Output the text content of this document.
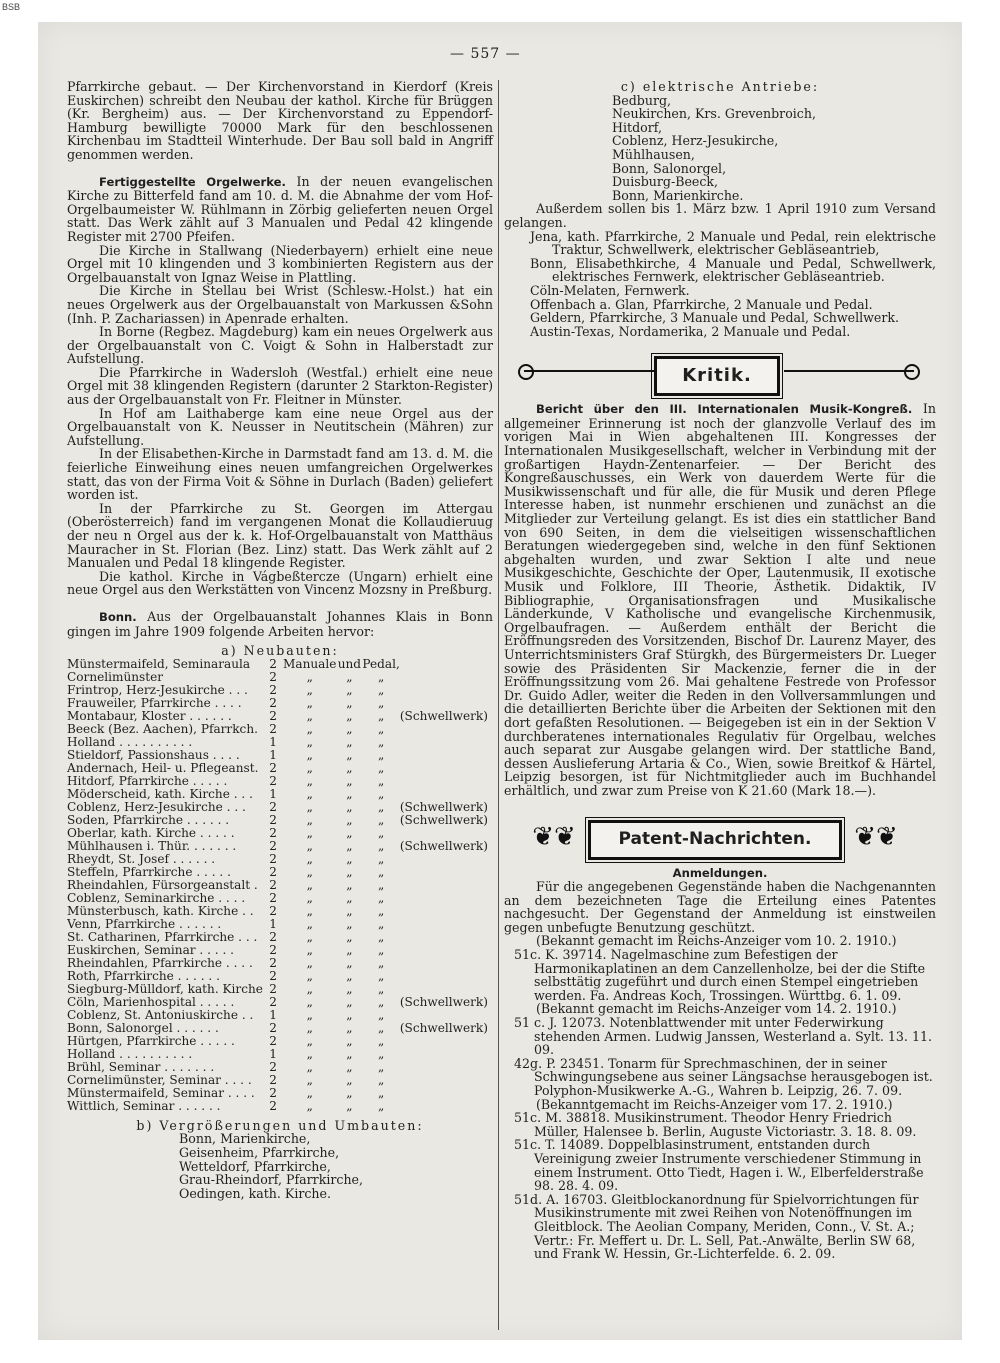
BSB
— 557 —

Pfarrkirche gebaut. — Der Kirchenvorstand in Kierdorf (Kreis Euskirchen) schreibt den Neubau der kathol. Kirche für Brüggen (Kr. Bergheim) aus. — Der Kirchenvorstand zu Eppendorf-Hamburg bewilligte 70000 Mark für den beschlossenen Kirchenbau im Stadtteil Winterhude. Der Bau soll bald in Angriff genommen werden.

Fertiggestellte Orgelwerke. In der neuen evangelischen Kirche zu Bitterfeld fand am 10. d. M. die Abnahme der vom Hof-Orgelbaumeister W. Rühlmann in Zörbig gelieferten neuen Orgel statt. Das Werk zählt auf 3 Manualen und Pedal 42 klingende Register mit 2700 Pfeifen.

Die Kirche in Stallwang (Niederbayern) erhielt eine neue Orgel mit 10 klingenden und 3 kombinierten Registern aus der Orgelbauanstalt von Ignaz Weise in Plattling.

Die Kirche in Stellau bei Wrist (Schlesw.-Holst.) hat ein neues Orgelwerk aus der Orgelbauanstalt von Markussen &Sohn (Inh. P. Zachariassen) in Apenrade erhalten.

In Borne (Regbez. Magdeburg) kam ein neues Orgelwerk aus der Orgelbauanstalt von C. Voigt & Sohn in Halberstadt zur Aufstellung.

Die Pfarrkirche in Wadersloh (Westfal.) erhielt eine neue Orgel mit 38 klingenden Registern (darunter 2 Starkton-Register) aus der Orgelbauanstalt von Fr. Fleitner in Münster.

In Hof am Laithaberge kam eine neue Orgel aus der Orgelbauanstalt von K. Neusser in Neutitschein (Mähren) zur Aufstellung.

In der Elisabethen-Kirche in Darmstadt fand am 13. d. M. die feierliche Einweihung eines neuen umfangreichen Orgelwerkes statt, das von der Firma Voit & Söhne in Durlach (Baden) geliefert worden ist.

In der Pfarrkirche zu St. Georgen im Attergau (Oberösterreich) fand im vergangenen Monat die Kollaudieruug der neu n Orgel aus der k. k. Hof-Orgelbauanstalt von Matthäus Mauracher in St. Florian (Bez. Linz) statt. Das Werk zählt auf 2 Manualen und Pedal 18 klingende Register.

Die kathol. Kirche in Vágbeßtercze (Ungarn) erhielt eine neue Orgel aus den Werkstätten von Vincenz Mozsny in Preßburg.

Bonn. Aus der Orgelbauanstalt Johannes Klais in Bonn gingen im Jahre 1909 folgende Arbeiten hervor:

a) Neubauten:

Münstermaifeld, Seminaraula	2	Manuale	und	Pedal,	
Cornelimünster	2	„	„	„	
Frintrop, Herz-Jesukirche . . .	2	„	„	„	
Frauweiler, Pfarrkirche . . . .	2	„	„	„	
Montabaur, Kloster . . . . . .	2	„	„	„	(Schwellwerk)
Beeck (Bez. Aachen), Pfarrkch.	2	„	„	„	
Holland . . . . . . . . . .	1	„	„	„	
Stieldorf, Passionshaus . . . .	1	„	„	„	
Andernach, Heil- u. Pflegeanst.	2	„	„	„	
Hitdorf, Pfarrkirche . . . . .	2	„	„	„	
Möderscheid, kath. Kirche . . .	1	„	„	„	
Coblenz, Herz-Jesukirche . . .	2	„	„	„	(Schwellwerk)
Soden, Pfarrkirche . . . . . .	2	„	„	„	(Schwellwerk)
Oberlar, kath. Kirche . . . . .	2	„	„	„	
Mühlhausen i. Thür. . . . . . .	2	„	„	„	(Schwellwerk)
Rheydt, St. Josef . . . . . .	2	„	„	„	
Steffeln, Pfarrkirche . . . . .	2	„	„	„	
Rheindahlen, Fürsorgeanstalt .	2	„	„	„	
Coblenz, Seminarkirche . . . .	2	„	„	„	
Münsterbusch, kath. Kirche . .	2	„	„	„	
Venn, Pfarrkirche . . . . . .	1	„	„	„	
St. Catharinen, Pfarrkirche . . .	2	„	„	„	
Euskirchen, Seminar . . . . .	2	„	„	„	
Rheindahlen, Pfarrkirche . . . .	2	„	„	„	
Roth, Pfarrkirche . . . . . .	2	„	„	„	
Siegburg-Mülldorf, kath. Kirche	2	„	„	„	
Cöln, Marienhospital . . . . .	2	„	„	„	(Schwellwerk)
Coblenz, St. Antoniuskirche . .	1	„	„	„	
Bonn, Salonorgel . . . . . .	2	„	„	„	(Schwellwerk)
Hürtgen, Pfarrkirche . . . . .	2	„	„	„	
Holland . . . . . . . . . .	1	„	„	„	
Brühl, Seminar . . . . . . .	2	„	„	„	
Cornelimünster, Seminar . . . .	2	„	„	„	
Münstermaifeld, Seminar . . . .	2	„	„	„	
Wittlich, Seminar . . . . . .	2	„	„	„	

b) Vergrößerungen und Umbauten:

Bonn, Marienkirche,

Geisenheim, Pfarrkirche,

Wetteldorf, Pfarrkirche,

Grau-Rheindorf, Pfarrkirche,

Oedingen, kath. Kirche.

c) elektrische Antriebe:

Bedburg,

Neukirchen, Krs. Grevenbroich,

Hitdorf,

Coblenz, Herz-Jesukirche,

Mühlhausen,

Bonn, Salonorgel,

Duisburg-Beeck,

Bonn, Marienkirche.

Außerdem sollen bis 1. März bzw. 1 April 1910 zum Versand gelangen.

Jena, kath. Pfarrkirche, 2 Manuale und Pedal, rein elektrische Traktur, Schwellwerk, elektrischer Gebläseantrieb,

Bonn, Elisabethkirche, 4 Manuale und Pedal, Schwellwerk, elektrisches Fernwerk, elektrischer Gebläseantrieb.

Cöln-Melaten, Fernwerk.

Offenbach a. Glan, Pfarrkirche, 2 Manuale und Pedal.

Geldern, Pfarrkirche, 3 Manuale und Pedal, Schwellwerk.

Austin-Texas, Nordamerika, 2 Manuale und Pedal.

Kritik.

Bericht über den III. Internationalen Musik-Kongreß. In allgemeiner Erinnerung ist noch der glanzvolle Verlauf des im vorigen Mai in Wien abgehaltenen III. Kongresses der Internationalen Musikgesellschaft, welcher in Verbindung mit der großartigen Haydn-Zentenarfeier. — Der Bericht des Kongreßauschusses, ein Werk von dauerdem Werte für die Musikwissenschaft und für alle, die für Musik und deren Pflege Interesse haben, ist nunmehr erschienen und zunächst an die Mitglieder zur Verteilung gelangt. Es ist dies ein stattlicher Band von 690 Seiten, in dem die vielseitigen wissenschaftlichen Beratungen wiedergegeben sind, welche in den fünf Sektionen abgehalten wurden, und zwar Sektion I alte und neue Musikgeschichte, Geschichte der Oper, Lautenmusik, II exotische Musik und Folklore, III Theorie, Ästhetik. Didaktik, IV Bibliographie, Organisationsfragen und Musikalische Länderkunde, V Katholische und evangelische Kirchenmusik, Orgelbaufragen. — Außerdem enthält der Bericht die Eröffnungsreden des Vorsitzenden, Bischof Dr. Laurenz Mayer, des Unterrichtsministers Graf Stürgkh, des Bürgermeisters Dr. Lueger sowie des Präsidenten Sir Mackenzie, ferner die in der Eröffnungssitzung vom 26. Mai gehaltene Festrede von Professor Dr. Guido Adler, weiter die Reden in den Vollversammlungen und die detaillierten Berichte über die Arbeiten der Sektionen mit den dort gefaßten Resolutionen. — Beigegeben ist ein in der Sektion V durchberatenes internationales Regulativ für Orgelbau, welches auch separat zur Ausgabe gelangen wird. Der stattliche Band, dessen Auslieferung Artaria & Co., Wien, sowie Breitkof & Härtel, Leipzig besorgen, ist für Nichtmitglieder auch im Buchhandel erhältlich, und zwar zum Preise von K 21.60 (Mark 18.—).

❦❦	Patent-Nachrichten. ❦❦

Anmeldungen.

Für die angegebenen Gegenstände haben die Nachgenannten an dem bezeichneten Tage die Erteilung eines Patentes nachgesucht. Der Gegenstand der Anmeldung ist einstweilen gegen unbefugte Benutzung geschützt.

(Bekannt gemacht im Reichs-Anzeiger vom 10. 2. 1910.)

51c. K. 39714. Nagelmaschine zum Befestigen der Harmonikaplatinen an dem Canzellenholze, bei der die Stifte selbsttätig zugeführt und durch einen Stempel eingetrieben werden. Fa. Andreas Koch, Trossingen. Württbg. 6. 1. 09.

(Bekannt gemacht im Reichs-Anzeiger vom 14. 2. 1910.)

51 c. J. 12073. Notenblattwender mit unter Federwirkung stehenden Armen. Ludwig Janssen, Westerland a. Sylt. 13. 11. 09.

42g. P. 23451. Tonarm für Sprechmaschinen, der in seiner Schwingungsebene aus seiner Längsachse herausgebogen ist. Polyphon-Musikwerke A.-G., Wahren b. Leipzig, 26. 7. 09.

(Bekanntgemacht im Reichs-Anzeiger vom 17. 2. 1910.)

51c. M. 38818. Musikinstrument. Theodor Henry Friedrich Müller, Halensee b. Berlin, Auguste Victoriastr. 3. 18. 8. 09.

51c. T. 14089. Doppelblasinstrument, entstanden durch Vereinigung zweier Instrumente verschiedener Stimmung in einem Instrument. Otto Tiedt, Hagen i. W., Elberfelderstraße 98. 28. 4. 09.

51d. A. 16703. Gleitblockanordnung für Spielvorrichtungen für Musikinstrumente mit zwei Reihen von Notenöffnungen im Gleitblock. The Aeolian Company, Meriden, Conn., V. St. A.; Vertr.: Fr. Meffert u. Dr. L. Sell, Pat.-Anwälte, Berlin SW 68, und Frank W. Hessin, Gr.-Lichterfelde. 6. 2. 09.
